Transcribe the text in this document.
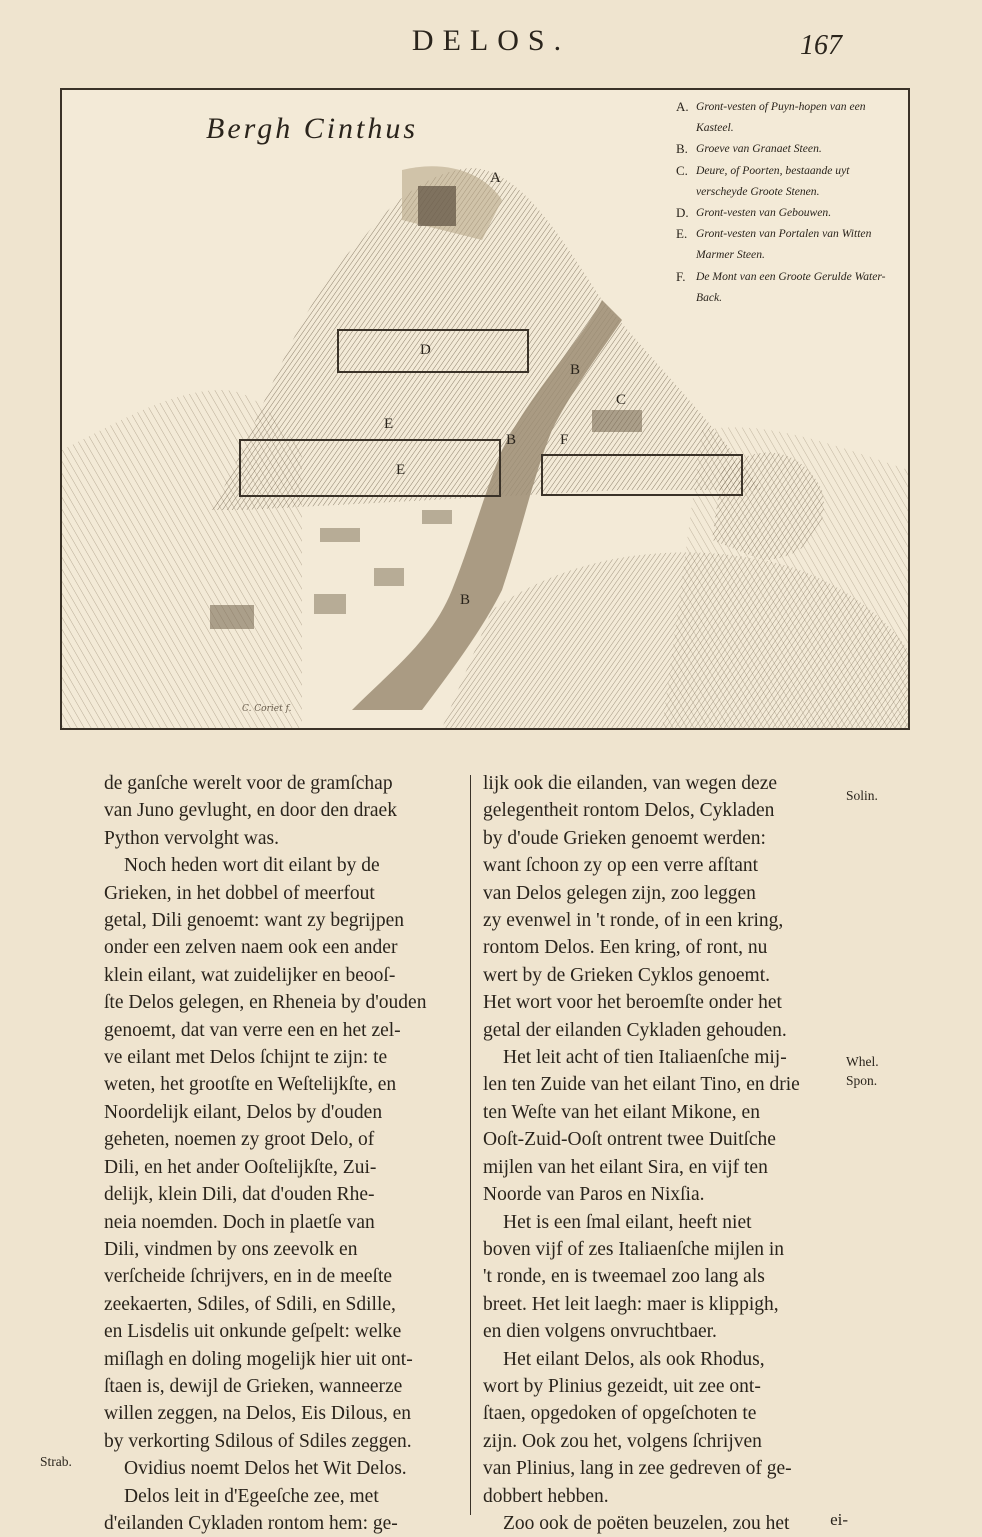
DELOS.	167
Bergh Cinthus
A. Gront-vesten of Puyn-hopen van een Kasteel.
B. Groeve van Granaet Steen.
C. Deure, of Poorten, bestaande uyt verscheyde Groote Stenen.
D. Gront-vesten van Gebouwen.
E. Gront-vesten van Portalen van Witten Marmer Steen.
F. De Mont van een Groote Gerulde Water-Back.
A
B
B
B
C
D
E
E
F
C. Coriet f.
de ganſche werelt voor de gramſchap
van Juno gevlught, en door den draek
Python vervolght was.
Noch heden wort dit eilant by de
Grieken, in het dobbel of meerfout
getal, Dili genoemt: want zy begrijpen
onder een zelven naem ook een ander
klein eilant, wat zuidelijker en beooſ-
ſte Delos gelegen, en Rheneia by d'ouden
genoemt, dat van verre een en het zel-
ve eilant met Delos ſchijnt te zijn: te
weten, het grootſte en Weſtelijkſte, en
Noordelijk eilant, Delos by d'ouden
geheten, noemen zy groot Delo, of
Dili, en het ander Ooſtelijkſte, Zui-
delijk, klein Dili, dat d'ouden Rhe-
neia noemden. Doch in plaetſe van
Dili, vindmen by ons zeevolk en
verſcheide ſchrijvers, en in de meeſte
zeekaerten, Sdiles, of Sdili, en Sdille,
en Lisdelis uit onkunde geſpelt: welke
miſlagh en doling mogelijk hier uit ont-
ſtaen is, dewijl de Grieken, wanneerze
willen zeggen, na Delos, Eis Dilous, en
by verkorting Sdilous of Sdiles zeggen.
Ovidius noemt Delos het Wit Delos.
Delos leit in d'Egeeſche zee, met
d'eilanden Cykladen rontom hem: ge-
lijk ook die eilanden, van wegen deze
gelegentheit rontom Delos, Cykladen
by d'oude Grieken genoemt werden:
want ſchoon zy op een verre afſtant
van Delos gelegen zijn, zoo leggen
zy evenwel in 't ronde, of in een kring,
rontom Delos. Een kring, of ront, nu
wert by de Grieken Cyklos genoemt.
Het wort voor het beroemſte onder het
getal der eilanden Cykladen gehouden.
Het leit acht of tien Italiaenſche mij-
len ten Zuide van het eilant Tino, en drie
ten Weſte van het eilant Mikone, en
Ooſt-Zuid-Ooſt ontrent twee Duitſche
mijlen van het eilant Sira, en vijf ten
Noorde van Paros en Nixſia.
Het is een ſmal eilant, heeft niet
boven vijf of zes Italiaenſche mijlen in
't ronde, en is tweemael zoo lang als
breet. Het leit laegh: maer is klippigh,
en dien volgens onvruchtbaer.
Het eilant Delos, als ook Rhodus,
wort by Plinius gezeidt, uit zee ont-
ſtaen, opgedoken of opgeſchoten te
zijn. Ook zou het, volgens ſchrijven
van Plinius, lang in zee gedreven of ge-
dobbert hebben.
Zoo ook de poëten beuzelen, zou het
Solin.
Whel.
Spon.
Strab.
ei-
